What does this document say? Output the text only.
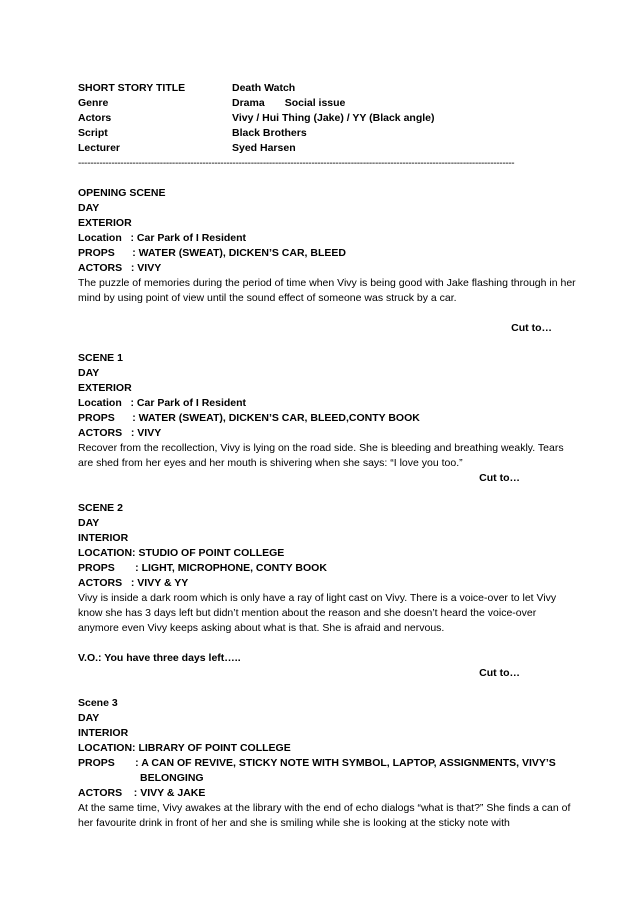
SHORT STORY TITLE	Death Watch
Genre	Drama Social issue
Actors	Vivy / Hui Thing (Jake) / YY (Black angle)
Script	Black Brothers
Lecturer	Syed Harsen
------------------------------------------------------------------------------------------------------------------------------------------------
OPENING SCENE
DAY
EXTERIOR
Location   : Car Park of I Resident
PROPS      : WATER (SWEAT), DICKEN’S CAR, BLEED
ACTORS   : VIVY
The puzzle of memories during the period of time when Vivy is being good with Jake flashing through in her mind by using point of view until the sound effect of someone was struck by a car.
Cut to…
SCENE 1
DAY
EXTERIOR
Location   : Car Park of I Resident
PROPS      : WATER (SWEAT), DICKEN’S CAR, BLEED,CONTY BOOK
ACTORS   : VIVY
Recover from the recollection, Vivy is lying on the road side. She is bleeding and breathing weakly. Tears are shed from her eyes and her mouth is shivering when she says: “I love you too.”
Cut to…
SCENE 2
DAY
INTERIOR
LOCATION: STUDIO OF POINT COLLEGE
PROPS       : LIGHT, MICROPHONE, CONTY BOOK
ACTORS   : VIVY & YY
Vivy is inside a dark room which is only have a ray of light cast on Vivy. There is a voice-over to let Vivy know she has 3 days left but didn’t mention about the reason and she doesn’t heard the voice-over anymore even Vivy keeps asking about what is that. She is afraid and nervous.
V.O.: You have three days left…..
Cut to…
Scene 3
DAY
INTERIOR
LOCATION: LIBRARY OF POINT COLLEGE
PROPS       : A CAN OF REVIVE, STICKY NOTE WITH SYMBOL, LAPTOP, ASSIGNMENTS, VIVY’S
BELONGING
ACTORS    : VIVY & JAKE
At the same time, Vivy awakes at the library with the end of echo dialogs “what is that?” She finds a can of her favourite drink in front of her and she is smiling while she is looking at the sticky note with
